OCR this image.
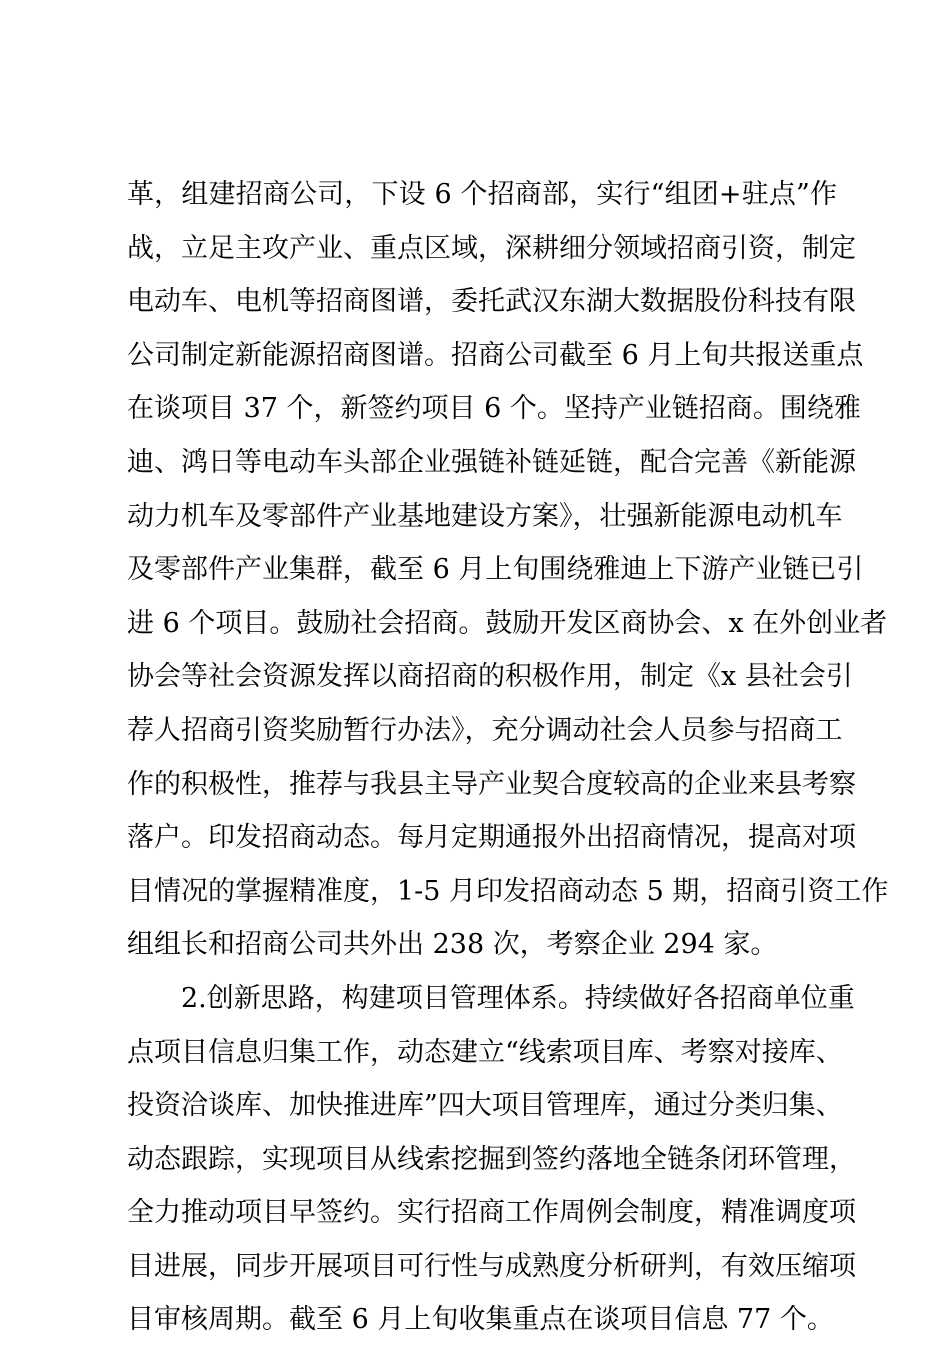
革，组建招商公司，下设 6 个招商部，实行“组团+驻点”作
战，立足主攻产业、重点区域，深耕细分领域招商引资，制定
电动车、电机等招商图谱，委托武汉东湖大数据股份科技有限
公司制定新能源招商图谱。招商公司截至 6 月上旬共报送重点
在谈项目 37 个，新签约项目 6 个。坚持产业链招商。围绕雅
迪、鸿日等电动车头部企业强链补链延链，配合完善《新能源
动力机车及零部件产业基地建设方案》，壮强新能源电动机车
及零部件产业集群，截至 6 月上旬围绕雅迪上下游产业链已引
进 6 个项目。鼓励社会招商。鼓励开发区商协会、x 在外创业者
协会等社会资源发挥以商招商的积极作用，制定《x 县社会引
荐人招商引资奖励暂行办法》，充分调动社会人员参与招商工
作的积极性，推荐与我县主导产业契合度较高的企业来县考察
落户。印发招商动态。每月定期通报外出招商情况，提高对项
目情况的掌握精准度，1-5 月印发招商动态 5 期，招商引资工作
组组长和招商公司共外出 238 次，考察企业 294 家。
2.创新思路，构建项目管理体系。持续做好各招商单位重
点项目信息归集工作，动态建立“线索项目库、考察对接库、
投资洽谈库、加快推进库”四大项目管理库，通过分类归集、
动态跟踪，实现项目从线索挖掘到签约落地全链条闭环管理，
全力推动项目早签约。实行招商工作周例会制度，精准调度项
目进展，同步开展项目可行性与成熟度分析研判，有效压缩项
目审核周期。截至 6 月上旬收集重点在谈项目信息 77 个。
